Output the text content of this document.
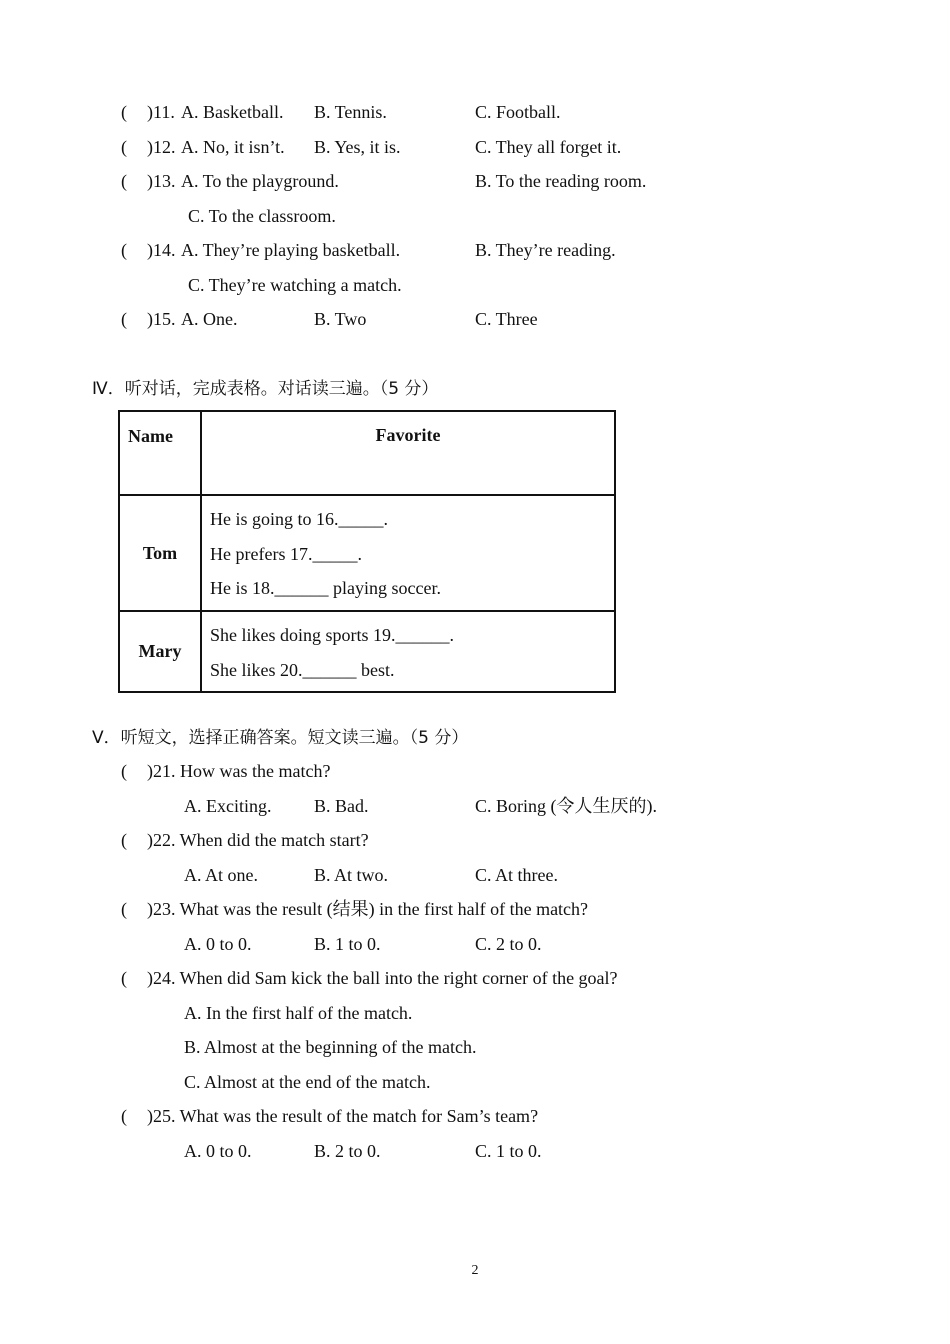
( )11. A. Basketball. B. Tennis.	C. Football.
( )12. A. No, it isn’t. B. Yes, it is.	C. They all forget it.
( )13. A. To the playground.	B. To the reading room.
C. To the classroom.
( )14. A. They’re playing basketball.	B. They’re reading.
C. They’re watching a match.
( )15. A. One.	B. Two	C. Three
Ⅳ．听对话，完成表格。对话读三遍。（5 分）
Name	Favorite
Tom	He is going to 16._____.
He prefers 17._____.
He is 18.______ playing soccer.

Mary	She likes doing sports 19.______.
She likes 20.______ best.
Ⅴ．听短文，选择正确答案。短文读三遍。（5 分）
( )21. How was the match?
A. Exciting. B. Bad.	C. Boring (令人生厌的).
( )22. When did the match start?
A. At one.	B. At two.	C. At three.
( )23. What was the result (结果) in the first half of the match?
A. 0 to 0.	B. 1 to 0.	C. 2 to 0.
( )24. When did Sam kick the ball into the right corner of the goal?
A. In the first half of the match.
B. Almost at the beginning of the match.
C. Almost at the end of the match.
( )25. What was the result of the match for Sam’s team?
A. 0 to 0.	B. 2 to 0.	C. 1 to 0.
2
